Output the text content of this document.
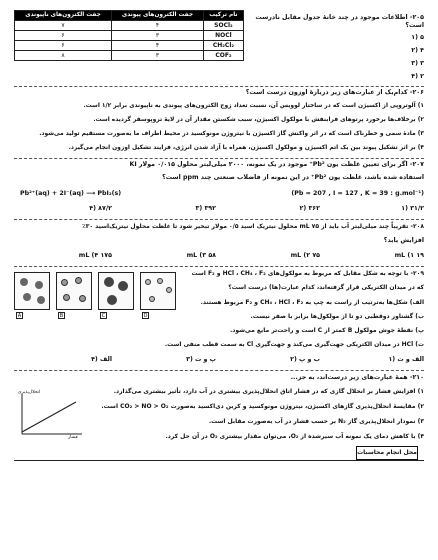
نام ترکیب	جفت الکترون‌های پیوندی	جفت الکترون‌های ناپیوندی
SOCl₂	۴	۷
NOCl	۳	۶
CH₂Cl₂	۴	۶
COF₂	۳	۸
۲۰۵- اطلاعات موجود در چند خانهٔ جدول مقابل نادرست است؟
۵ (۱
۴ (۲
۳ (۳
۲ (۴
۲۰۶- کدام‌یک از عبارت‌های زیر دربارهٔ اوزون درست است؟
۱) آلوتروپی از اکسیژن است که در ساختار لوویس آن، نسبت تعداد زوج الکترون‌های پیوندی به ناپیوندی برابر ۱/۲ است.
۲) برخلاف‌ها برخورد پرتوهای فرابنفش با مولکول اکسیژن، سبب شکستن مقدار آن در لایهٔ تروپوسفر گردیده است.
۳) مادهٔ سمی و خطرناک است که در اثر واکنش گاز اکسیژن با نیتروژن مونوکسید در محیط اطراف ما به‌صورت مستقیم تولید می‌شود.
۴) بر اثر تشکیل پیوند بین یک اتم اکسیژن و مولکول اکسیژن، همراه با آزاد شدن انرژی، فرایند تشکیل اوزون انجام می‌گیرد.
۲۰۷- اگر برای تعیین غلظت یون Pb²⁺ موجود در یک نمونه، ۲۰۰۰ میلی‌لیتر محلول ۰/۰۱۵ مولار KI
استفاده شده باشد، غلظت یون Pb²⁺ در این نمونه از فاضلاب صنعتی چند ppm است؟
Pb²⁺(aq) + 2I⁻(aq) ⟶ PbI₂(s)	(Pb = 207 , I = 127 , K = 39 : g.mol⁻¹)
۳۱/۲ (۱
۳۶۲ (۲
۳۹۲ (۳
۸۷/۲ (۴
۲۰۸- تقریباً چند میلی‌لیتر آب باید از ۷۵ mL محلول نیتریک اسید ۰/۵ مولار تبخیر شود تا غلظت محلول نیتریک‌اسید ۳۰٪
افزایش یابد؟
۱۹ mL (۱
۷۵ mL (۲
۵۸ mL (۳
۱۷۵ mL (۴
۲۰۹- با توجه به شکل مقابل که مربوط به مولکول‌های HCl ، CH₄ ، F₂ و F₂ است
که در میدان الکتریکی قرار گرفته‌اند، کدام عبارت(ها) درست است؟
A	B	C	D
الف) شکل‌ها به‌ترتیب از راست به چپ به CH₄ ، HCl ، F₂ و F₂ مربوط هستند.
ب) گشتاور دوقطبی دو تا از مولکول‌ها برابر با صفر نیست.
پ) نقطهٔ جوش مولکول B کمتر از C است و راحت‌تر مایع می‌شود.
ت) HCl در میدان الکتریکی جهت‌گیری می‌کند و جهت‌گیری Cl به سمت قطب منفی است.
الف و ت (۱
ب و پ (۲
پ و ت (۳
الف (۴
۲۱۰- همهٔ عبارت‌های زیر درست‌اند، به جز...
انحلال‌پذیری
فشار
۱) افزایش فشار بر انحلال گازی که در فشار اتاق انحلال‌پذیری بیشتری در آب دارد، تأثیر بیشتری می‌گذارد.
۲) مقایسهٔ انحلال‌پذیری گازهای اکسیژن، نیتروژن مونوکسید و کربن دی‌اکسید به‌صورت CO₂ > NO > O₂ است.
۳) نمودار انحلال‌پذیری گاز N₂ بر حسب فشار در آب به‌صورت مقابل است.
۴) با کاهش دمای یک نمونه آب سیرشده از O₂، می‌توان مقدار بیشتری O₂ در آن حل کرد.
محل انجام محاسبات
